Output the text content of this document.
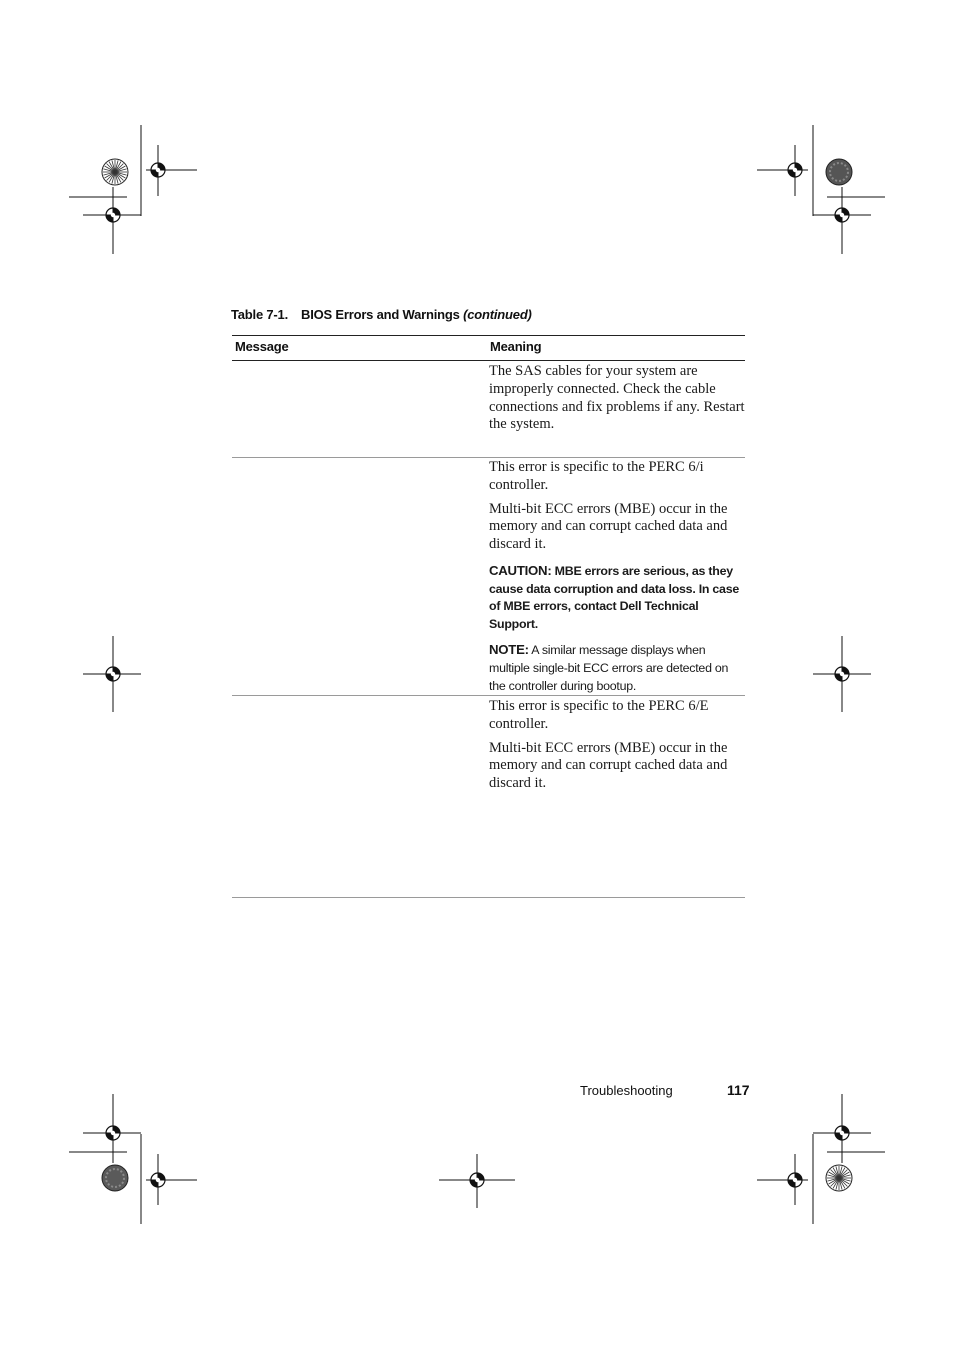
Table 7-1. BIOS Errors and Warnings (continued)
Message	Meaning

The SAS cables for your system are improperly connected. Check the cable connections and fix problems if any. Restart the system.

This error is specific to the PERC 6/i controller.

Multi-bit ECC errors (MBE) occur in the memory and can corrupt cached data and discard it.

CAUTION: MBE errors are serious, as they cause data corruption and data loss. In case of MBE errors, contact Dell Technical Support.

NOTE: A similar message displays when multiple single-bit ECC errors are detected on the controller during bootup.

This error is specific to the PERC 6/E controller.

Multi-bit ECC errors (MBE) occur in the memory and can corrupt cached data and discard it.

Troubleshooting	117
